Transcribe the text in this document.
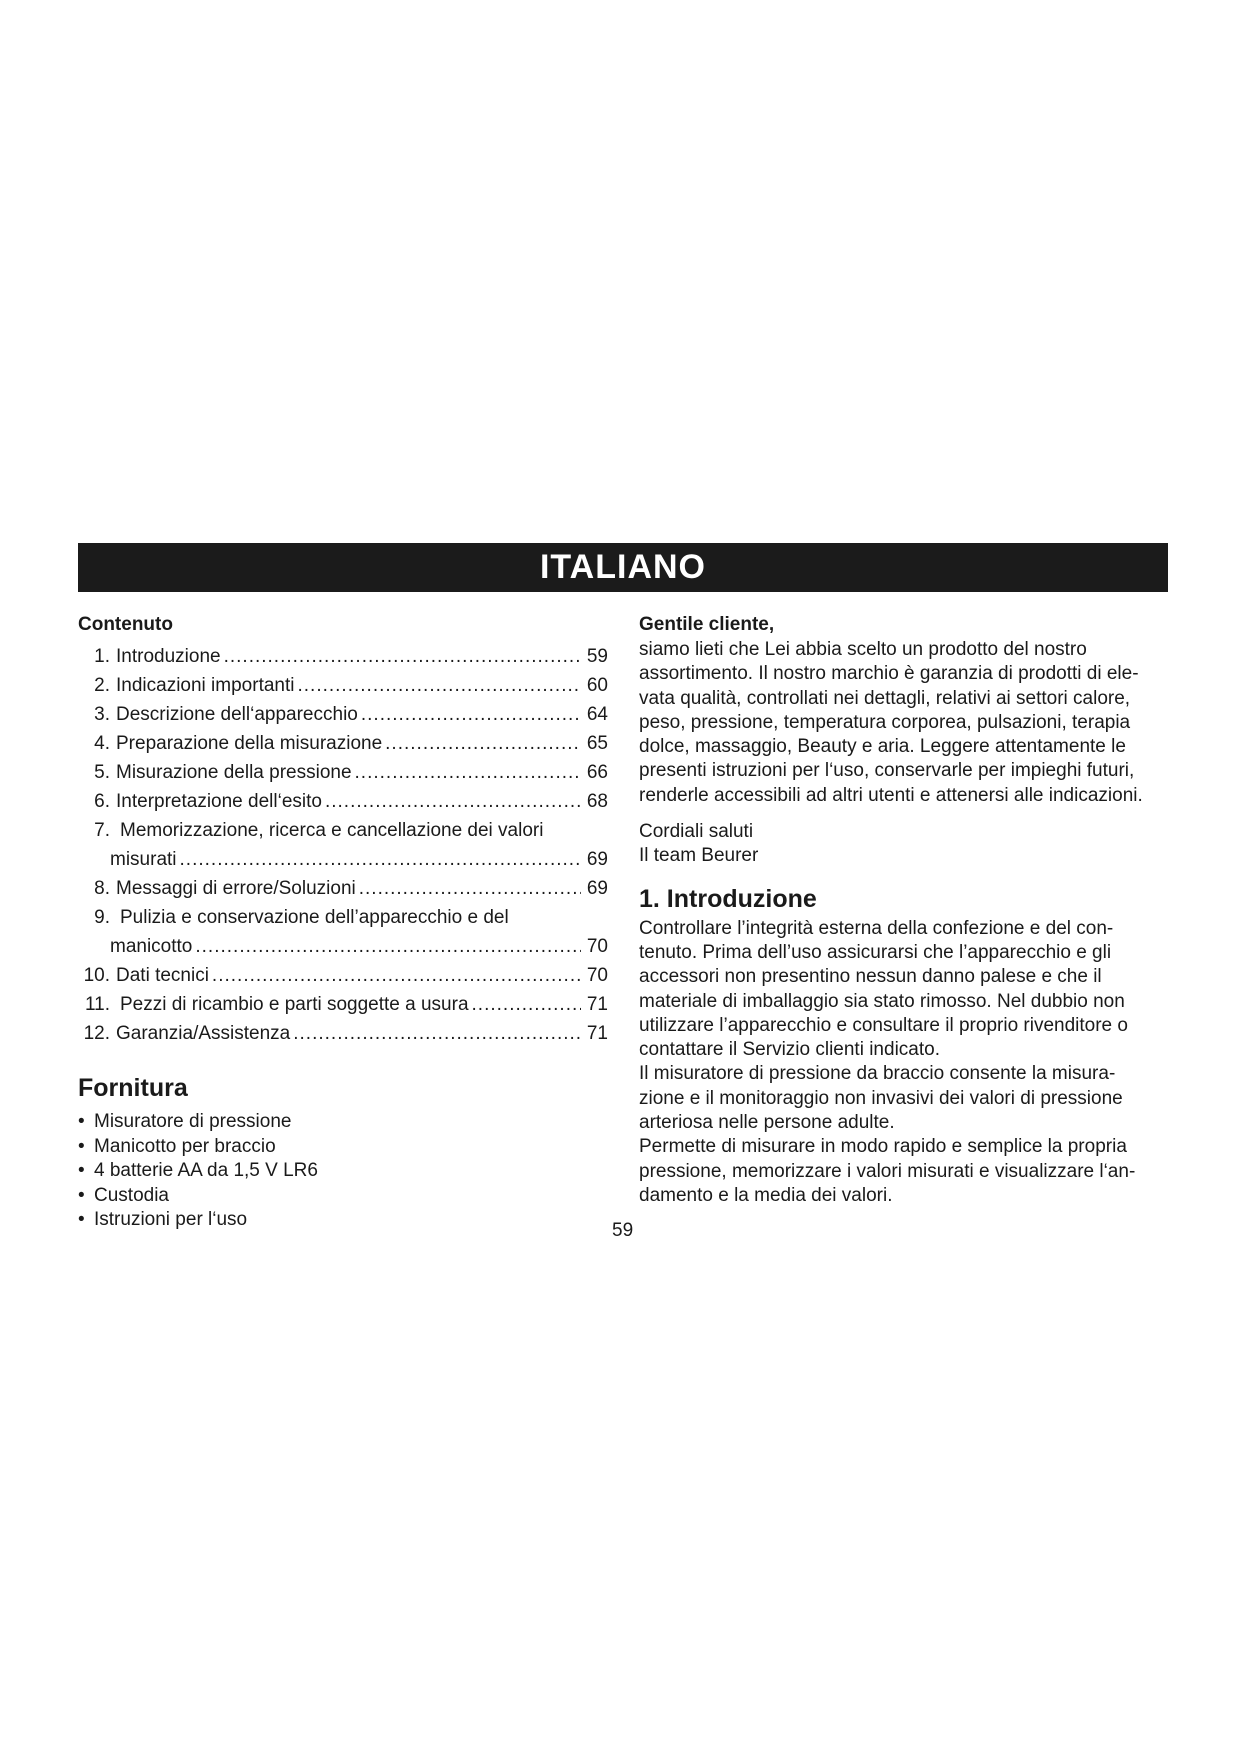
ITALIANO
Contenuto
1. Introduzione .....	59
2. Indicazioni importanti .....	60
3. Descrizione dell‘apparecchio .....	64
4. Preparazione della misurazione .....	65
5. Misurazione della pressione .....	66
6. Interpretazione dell‘esito .....	68
7. Memorizzazione, ricerca e cancellazione dei valori
misurati .....	69
8. Messaggi di errore/Soluzioni .....	69
9. Pulizia e conservazione dell’apparecchio e del
manicotto .....	70
10. Dati tecnici .....	70
11. Pezzi di ricambio e parti soggette a usura .....	71
12. Garanzia/Assistenza .....	71
Fornitura
• Misuratore di pressione
• Manicotto per braccio
• 4 batterie AA da 1,5 V LR6
• Custodia
• Istruzioni per l‘uso
Gentile cliente,

siamo lieti che Lei abbia scelto un prodotto del nostro

assortimento. Il nostro marchio è garanzia di prodotti di ele-

vata qualità, controllati nei dettagli, relativi ai settori calore,

peso, pressione, temperatura corporea, pulsazioni, terapia

dolce, massaggio, Beauty e aria. Leggere attentamente le

presenti istruzioni per l‘uso, conservarle per impieghi futuri,

renderle accessibili ad altri utenti e attenersi alle indicazioni.

Cordiali saluti

Il team Beurer

1. Introduzione

Controllare l’integrità esterna della confezione e del con-

tenuto. Prima dell’uso assicurarsi che l’apparecchio e gli

accessori non presentino nessun danno palese e che il

materiale di imballaggio sia stato rimosso. Nel dubbio non

utilizzare l’apparecchio e consultare il proprio rivenditore o

contattare il Servizio clienti indicato.

Il misuratore di pressione da braccio consente la misura-

zione e il monitoraggio non invasivi dei valori di pressione

arteriosa nelle persone adulte.

Permette di misurare in modo rapido e semplice la propria

pressione, memorizzare i valori misurati e visualizzare l‘an-

damento e la media dei valori.

59
